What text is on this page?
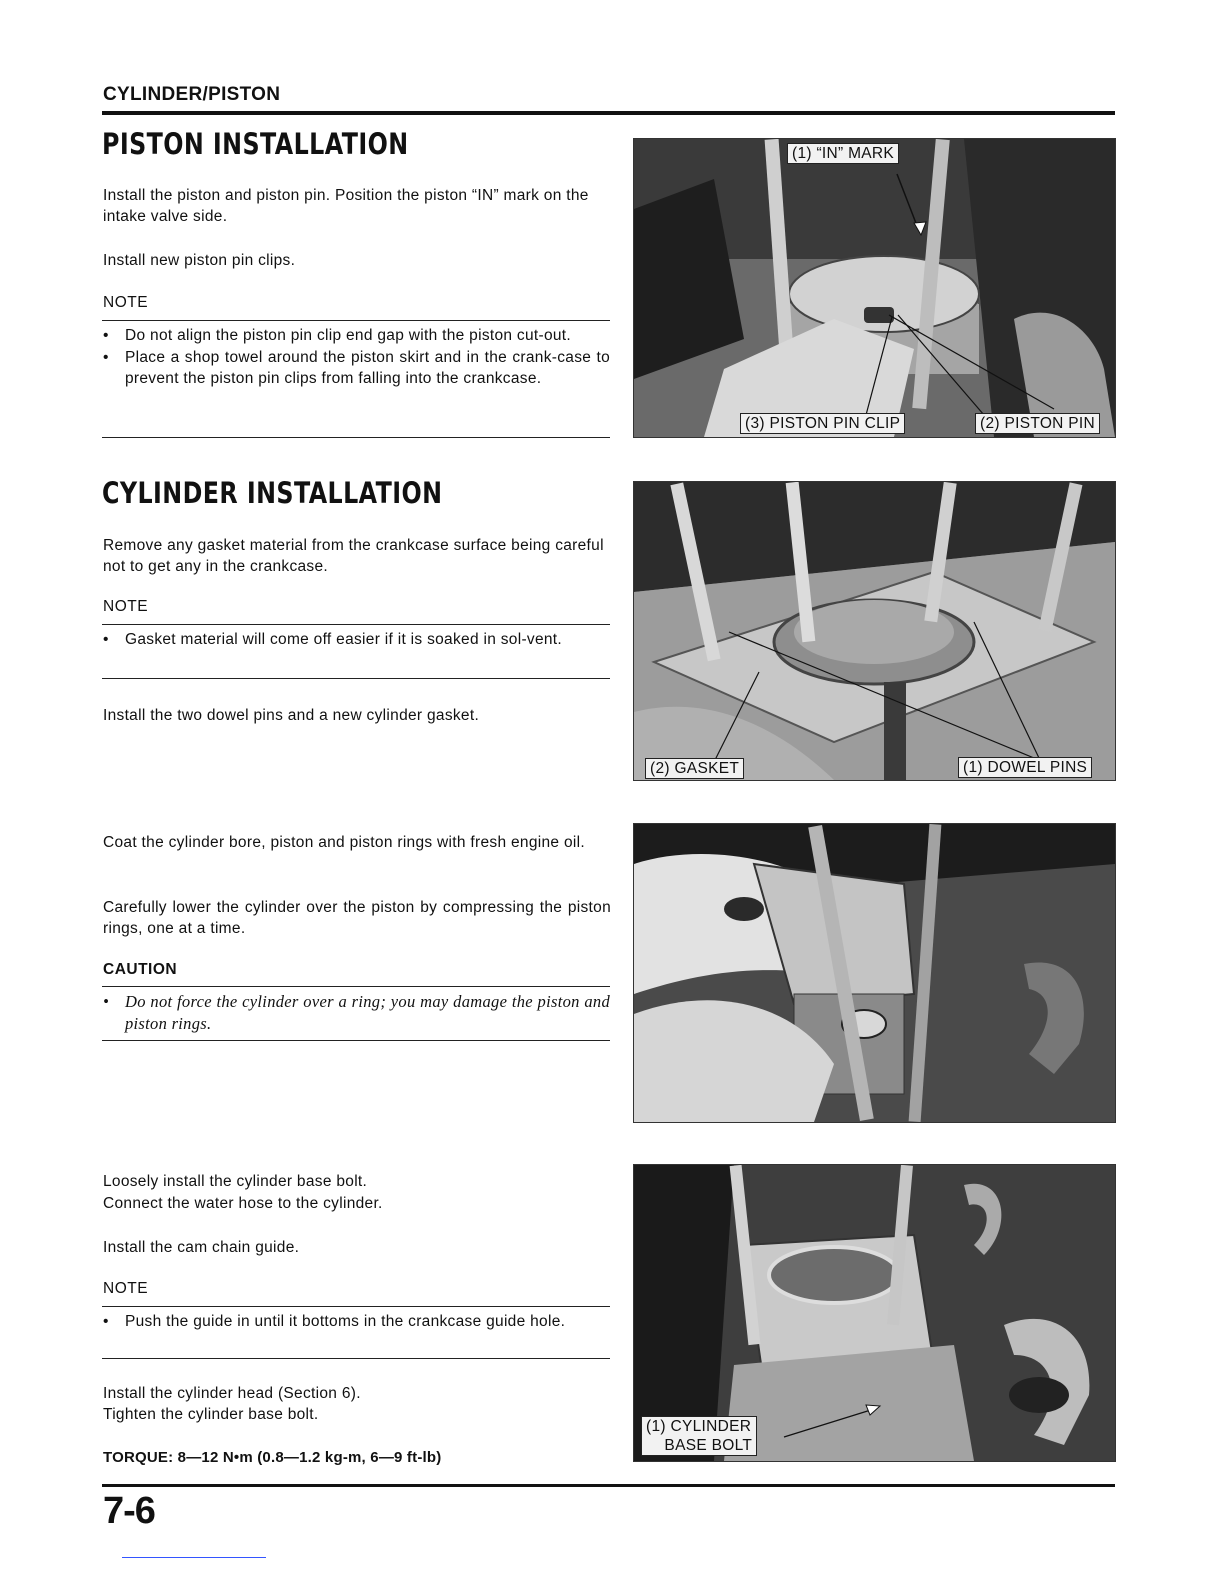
CYLINDER/PISTON
PISTON INSTALLATION
Install the piston and piston pin. Position the piston “IN” mark on the intake valve side.
Install new piston pin clips.
NOTE
• Do not align the piston pin clip end gap with the piston cut-out.
• Place a shop towel around the piston skirt and in the crank-case to prevent the piston pin clips from falling into the crankcase.
(1) “IN” MARK
(3) PISTON PIN CLIP	(2) PISTON PIN
CYLINDER INSTALLATION
Remove any gasket material from the crankcase surface being careful not to get any in the crankcase.
NOTE
• Gasket material will come off easier if it is soaked in sol-vent.
Install the two dowel pins and a new cylinder gasket.
(2) GASKET	(1) DOWEL PINS
Coat the cylinder bore, piston and piston rings with fresh engine oil.
Carefully lower the cylinder over the piston by compressing the piston rings, one at a time.
CAUTION
• Do not force the cylinder over a ring; you may damage the piston and piston rings.
Loosely install the cylinder base bolt.
Connect the water hose to the cylinder.
Install the cam chain guide.
NOTE
• Push the guide in until it bottoms in the crankcase guide hole.
Install the cylinder head (Section 6).
Tighten the cylinder base bolt.
TORQUE: 8—12 N•m (0.8—1.2 kg-m, 6—9 ft-lb)
(1) CYLINDER
BASE BOLT
7-6
